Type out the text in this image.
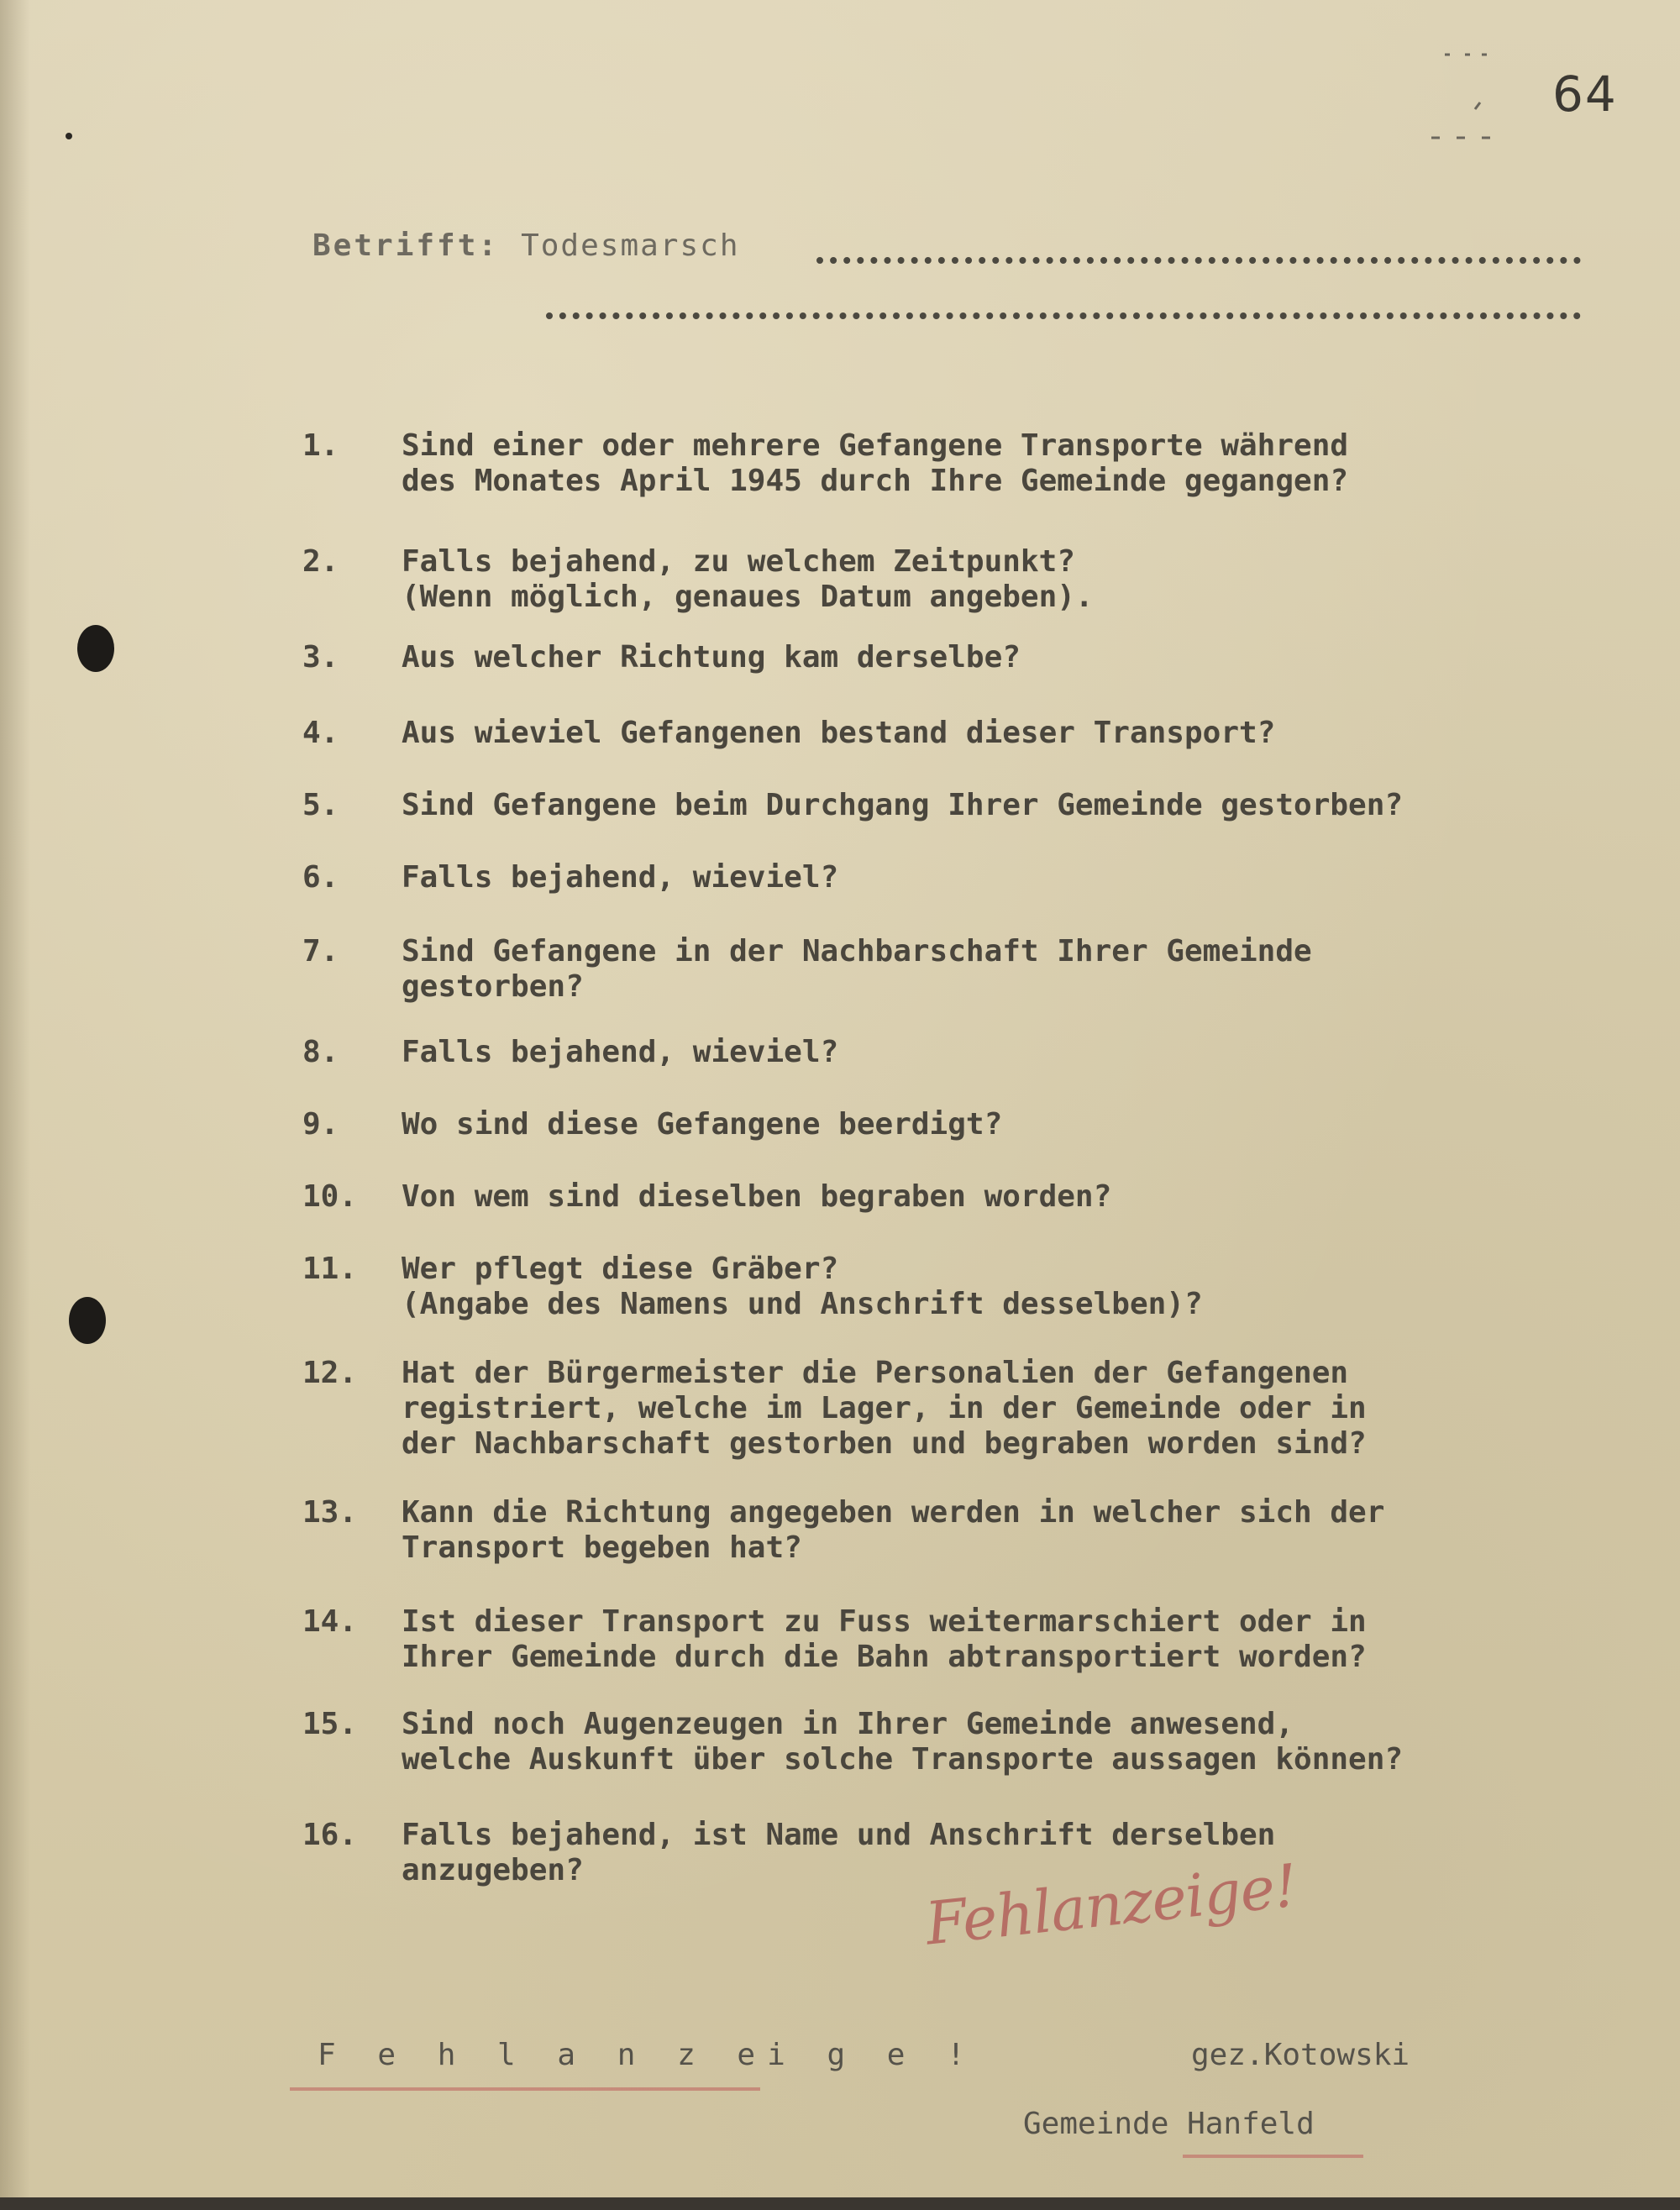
64
Betrifft: Todesmarsch
1.	Sind einer oder mehrere Gefangene Transporte während
des Monates April 1945 durch Ihre Gemeinde gegangen?
2.	Falls bejahend, zu welchem Zeitpunkt?
(Wenn möglich, genaues Datum angeben).
3.	Aus welcher Richtung kam derselbe?
4.	Aus wieviel Gefangenen bestand dieser Transport?
5.	Sind Gefangene beim Durchgang Ihrer Gemeinde gestorben?
6.	Falls bejahend, wieviel?
7.	Sind Gefangene in der Nachbarschaft Ihrer Gemeinde
gestorben?
8.	Falls bejahend, wieviel?
9.	Wo sind diese Gefangene beerdigt?
10.	Von wem sind dieselben begraben worden?
11.	Wer pflegt diese Gräber?
(Angabe des Namens und Anschrift desselben)?
12.	Hat der Bürgermeister die Personalien der Gefangenen
registriert, welche im Lager, in der Gemeinde oder in
der Nachbarschaft gestorben und begraben worden sind?
13.	Kann die Richtung angegeben werden in welcher sich der
Transport begeben hat?
14.	Ist dieser Transport zu Fuss weitermarschiert oder in
Ihrer Gemeinde durch die Bahn abtransportiert worden?
15.	Sind noch Augenzeugen in Ihrer Gemeinde anwesend,
welche Auskunft über solche Transporte aussagen können?
16.	Falls bejahend, ist Name und Anschrift derselben
anzugeben?	Fehlanzeige!
F e h l a n z ei g e !	gez.Kotowski
Gemeinde Hanfeld
